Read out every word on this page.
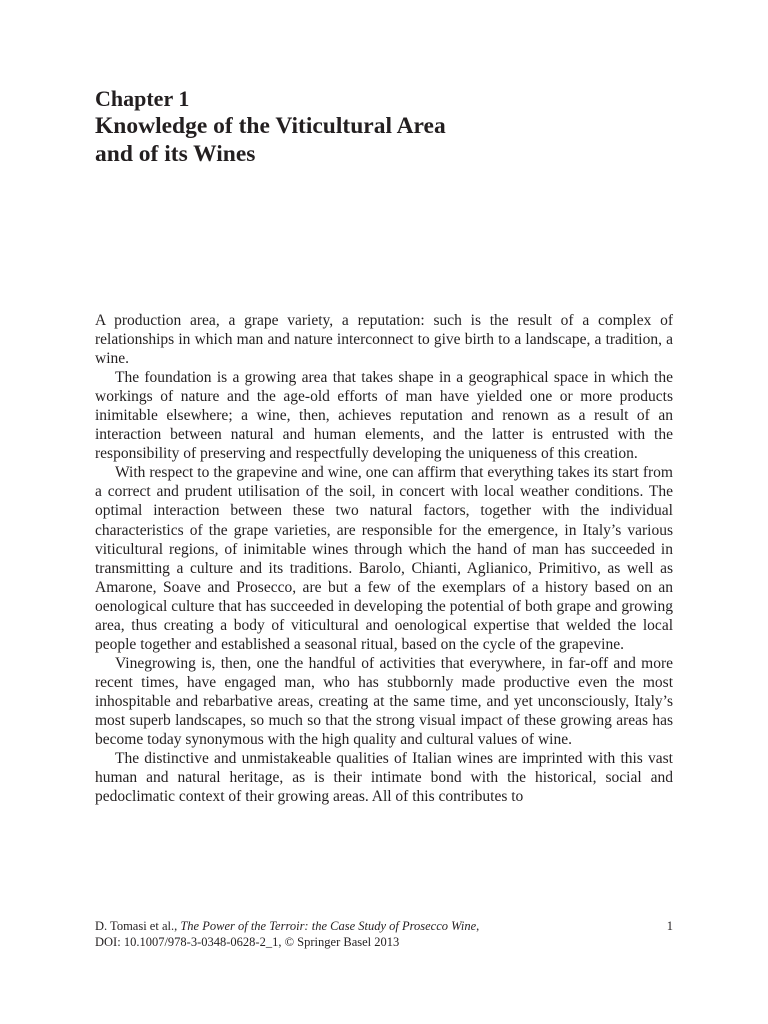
Chapter 1
Knowledge of the Viticultural Area
and of its Wines

A production area, a grape variety, a reputation: such is the result of a complex of relationships in which man and nature interconnect to give birth to a landscape, a tradition, a wine.

The foundation is a growing area that takes shape in a geographical space in which the workings of nature and the age-old efforts of man have yielded one or more products inimitable elsewhere; a wine, then, achieves reputation and renown as a result of an interaction between natural and human elements, and the latter is entrusted with the responsibility of preserving and respectfully developing the uniqueness of this creation.

With respect to the grapevine and wine, one can affirm that everything takes its start from a correct and prudent utilisation of the soil, in concert with local weather conditions. The optimal interaction between these two natural factors, together with the individual characteristics of the grape varieties, are responsible for the emergence, in Italy’s various viticultural regions, of inimitable wines through which the hand of man has succeeded in transmitting a culture and its traditions. Barolo, Chianti, Aglianico, Primitivo, as well as Amarone, Soave and Prosecco, are but a few of the exemplars of a history based on an oenological culture that has succeeded in developing the potential of both grape and growing area, thus creating a body of viticultural and oenological expertise that welded the local people together and established a seasonal ritual, based on the cycle of the grapevine.

Vinegrowing is, then, one the handful of activities that everywhere, in far-off and more recent times, have engaged man, who has stubbornly made productive even the most inhospitable and rebarbative areas, creating at the same time, and yet unconsciously, Italy’s most superb landscapes, so much so that the strong visual impact of these growing areas has become today synonymous with the high quality and cultural values of wine.

The distinctive and unmistakeable qualities of Italian wines are imprinted with this vast human and natural heritage, as is their intimate bond with the historical, social and pedoclimatic context of their growing areas. All of this contributes to

D. Tomasi et al., The Power of the Terroir: the Case Study of Prosecco Wine,	1
DOI: 10.1007/978-3-0348-0628-2_1, © Springer Basel 2013
